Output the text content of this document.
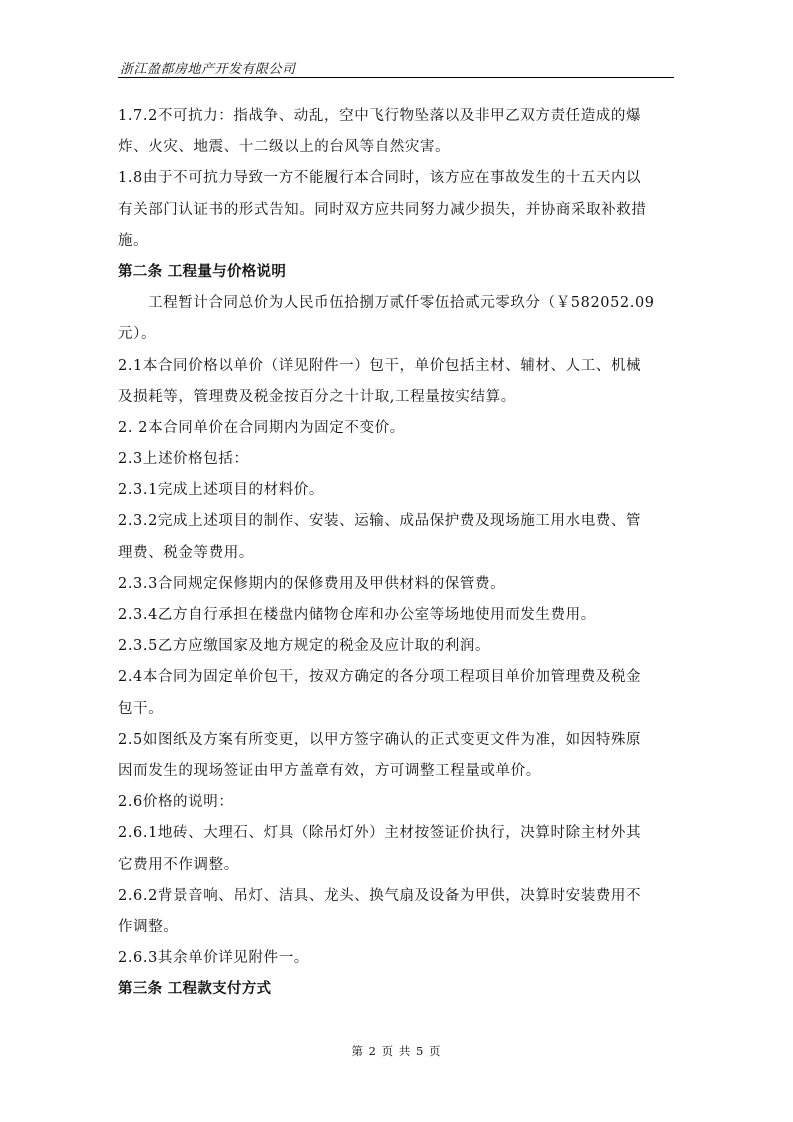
浙江盈都房地产开发有限公司
1.7.2不可抗力：指战争、动乱，空中飞行物坠落以及非甲乙双方责任造成的爆
炸、火灾、地震、十二级以上的台风等自然灾害。
1.8由于不可抗力导致一方不能履行本合同时，该方应在事故发生的十五天内以
有关部门认证书的形式告知。同时双方应共同努力减少损失，并协商采取补救措
施。
第二条 工程量与价格说明
工程暂计合同总价为人民币伍拾捌万贰仟零伍拾贰元零玖分（￥582052.09
元）。
2.1本合同价格以单价（详见附件一）包干，单价包括主材、辅材、人工、机械
及损耗等，管理费及税金按百分之十计取,工程量按实结算。
2. 2本合同单价在合同期内为固定不变价。
2.3上述价格包括：
2.3.1完成上述项目的材料价。
2.3.2完成上述项目的制作、安装、运输、成品保护费及现场施工用水电费、管
理费、税金等费用。
2.3.3合同规定保修期内的保修费用及甲供材料的保管费。
2.3.4乙方自行承担在楼盘内储物仓库和办公室等场地使用而发生费用。
2.3.5乙方应缴国家及地方规定的税金及应计取的利润。
2.4本合同为固定单价包干，按双方确定的各分项工程项目单价加管理费及税金
包干。
2.5如图纸及方案有所变更，以甲方签字确认的正式变更文件为准，如因特殊原
因而发生的现场签证由甲方盖章有效，方可调整工程量或单价。
2.6价格的说明：
2.6.1地砖、大理石、灯具（除吊灯外）主材按签证价执行，决算时除主材外其
它费用不作调整。
2.6.2背景音响、吊灯、洁具、龙头、换气扇及设备为甲供，决算时安装费用不
作调整。
2.6.3其余单价详见附件一。
第三条 工程款支付方式
第 2 页 共 5 页
